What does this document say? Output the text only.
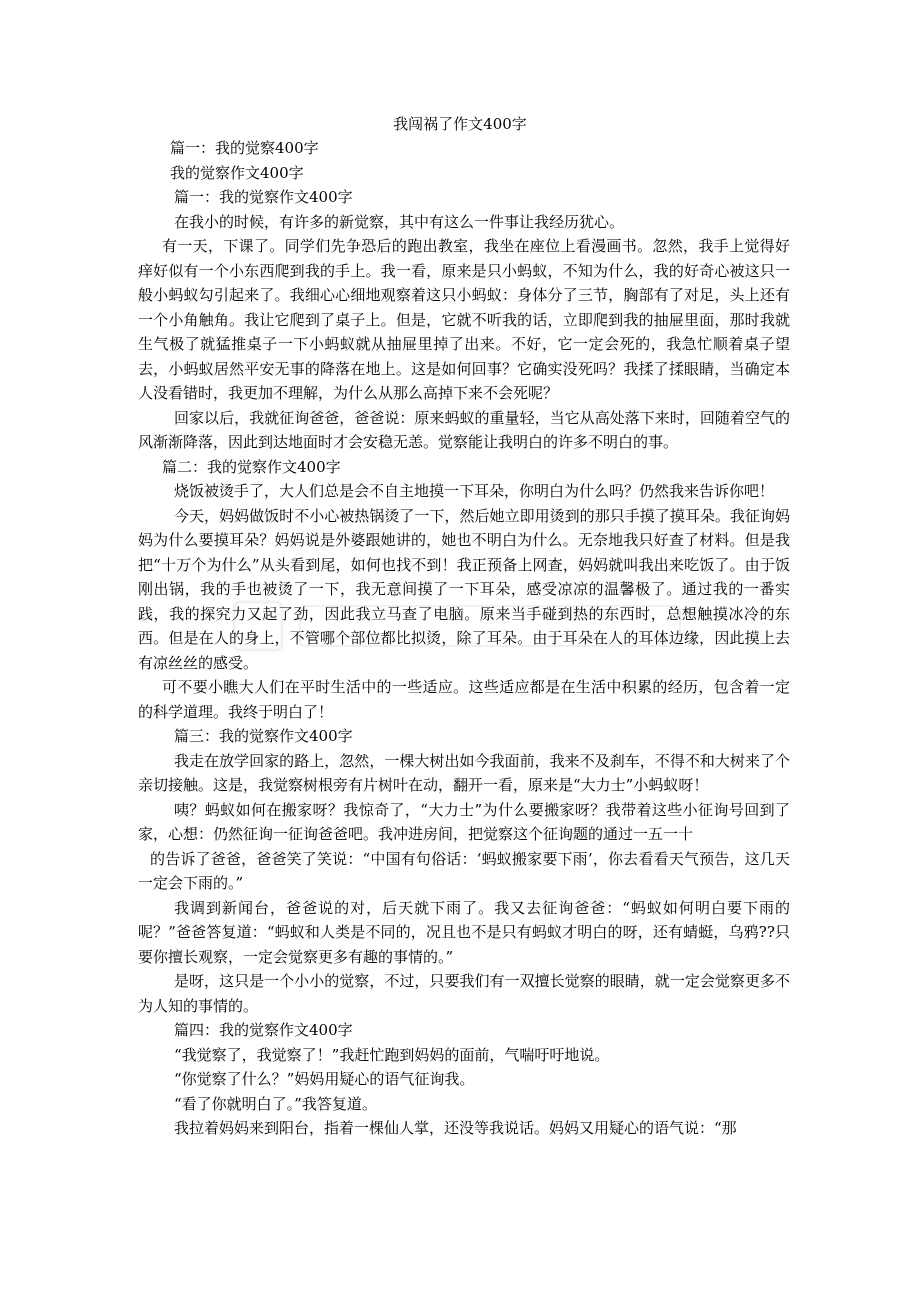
我闯祸了作文400字

篇一：我的觉察400字

我的觉察作文400字

篇一：我的觉察作文400字

在我小的时候，有许多的新觉察，其中有这么一件事让我经历犹心。

有一天，下课了。同学们先争恐后的跑出教室，我坐在座位上看漫画书。忽然，我手上觉得好痒好似有一个小东西爬到我的手上。我一看，原来是只小蚂蚁，不知为什么，我的好奇心被这只一般小蚂蚁勾引起来了。我细心心细地观察着这只小蚂蚁：身体分了三节，胸部有了对足，头上还有一个小角触角。我让它爬到了桌子上。但是，它就不听我的话，立即爬到我的抽屉里面，那时我就生气极了就猛推桌子一下小蚂蚁就从抽屉里掉了出来。不好，它一定会死的，我急忙顺着桌子望去，小蚂蚁居然平安无事的降落在地上。这是如何回事？它确实没死吗？我揉了揉眼睛，当确定本人没看错时，我更加不理解，为什么从那么高掉下来不会死呢？

回家以后，我就征询爸爸，爸爸说：原来蚂蚁的重量轻，当它从高处落下来时，回随着空气的风渐渐降落，因此到达地面时才会安稳无恙。觉察能让我明白的许多不明白的事。

篇二：我的觉察作文400字

烧饭被烫手了，大人们总是会不自主地摸一下耳朵，你明白为什么吗？仍然我来告诉你吧！

今天，妈妈做饭时不小心被热锅烫了一下，然后她立即用烫到的那只手摸了摸耳朵。我征询妈妈为什么要摸耳朵？妈妈说是外婆跟她讲的，她也不明白为什么。无奈地我只好查了材料。但是我把“十万个为什么”从头看到尾，如何也找不到！我正预备上网查，妈妈就叫我出来吃饭了。由于饭刚出锅，我的手也被烫了一下，我无意间摸了一下耳朵，感受凉凉的温馨极了。通过我的一番实践，我的探究力又起了劲，因此我立马查了电脑。原来当手碰到热的东西时，总想触摸冰冷的东西。但是在人的身上，不管哪个部位都比拟烫，除了耳朵。由于耳朵在人的耳体边缘，因此摸上去有凉丝丝的感受。

可不要小瞧大人们在平时生活中的一些适应。这些适应都是在生活中积累的经历，包含着一定的科学道理。我终于明白了！

篇三：我的觉察作文400字

我走在放学回家的路上，忽然，一棵大树出如今我面前，我来不及刹车，不得不和大树来了个亲切接触。这是，我觉察树根旁有片树叶在动，翻开一看，原来是“大力士”小蚂蚁呀！

咦？蚂蚁如何在搬家呀？我惊奇了，“大力士”为什么要搬家呀？我带着这些小征询号回到了家，心想：仍然征询一征询爸爸吧。我冲进房间，把觉察这个征询题的通过一五一十

的告诉了爸爸，爸爸笑了笑说：“中国有句俗话：‘蚂蚁搬家要下雨’，你去看看天气预告，这几天一定会下雨的。”

我调到新闻台，爸爸说的对，后天就下雨了。我又去征询爸爸：“蚂蚁如何明白要下雨的呢？”爸爸答复道：“蚂蚁和人类是不同的，况且也不是只有蚂蚁才明白的呀，还有蜻蜓，乌鸦??只要你擅长观察，一定会觉察更多有趣的事情的。”

是呀，这只是一个小小的觉察，不过，只要我们有一双擅长觉察的眼睛，就一定会觉察更多不为人知的事情的。

篇四：我的觉察作文400字

“我觉察了，我觉察了！”我赶忙跑到妈妈的面前，气喘吁吁地说。

“你觉察了什么？”妈妈用疑心的语气征询我。

“看了你就明白了。”我答复道。

我拉着妈妈来到阳台，指着一棵仙人掌，还没等我说话。妈妈又用疑心的语气说：“那
